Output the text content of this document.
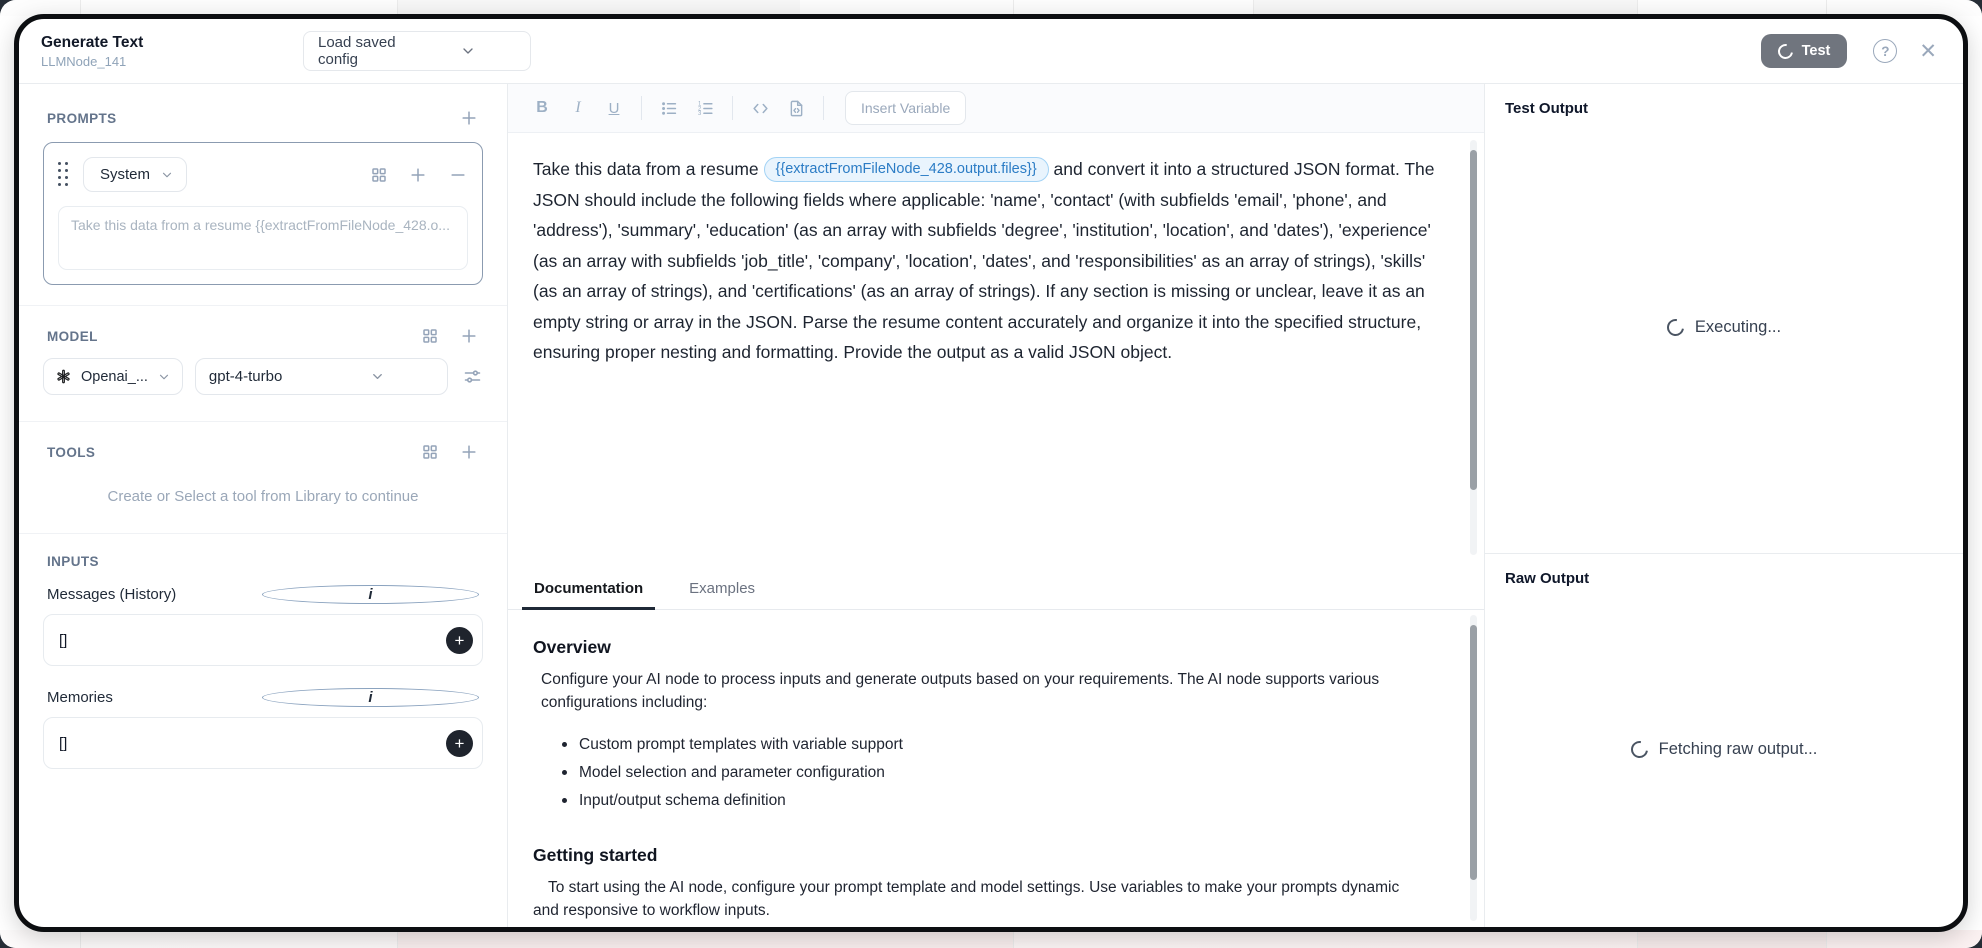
Generate Text
LLMNode_141
Load saved config	Test	?	✕
PROMPTS
System
Take this data from a resume {{extractFromFileNode_428.o...
MODEL
Openai_...	gpt-4-turbo
TOOLS
Create or Select a tool from Library to continue
INPUTS
Messages (History)	i
[]	+
Memories	i
[]	+
B	I	U	1
2
3	Insert Variable
Take this data from a resume {{extractFromFileNode_428.output.files}} and convert it into a structured JSON format. The JSON should include the following fields where applicable: 'name', 'contact' (with subfields 'email', 'phone', and 'address'), 'summary', 'education' (as an array with subfields 'degree', 'institution', 'location', and 'dates'), 'experience' (as an array with subfields 'job_title', 'company', 'location', 'dates', and 'responsibilities' as an array of strings), 'skills' (as an array of strings), and 'certifications' (as an array of strings). If any section is missing or unclear, leave it as an empty string or array in the JSON. Parse the resume content accurately and organize it into the specified structure, ensuring proper nesting and formatting. Provide the output as a valid JSON object.
Documentation	Examples
Overview

Configure your AI node to process inputs and generate outputs based on your requirements. The AI node supports various configurations including:

Custom prompt templates with variable support
Model selection and parameter configuration
Input/output schema definition
Getting started

To start using the AI node, configure your prompt template and model settings. Use variables to make your prompts dynamic and responsive to workflow inputs.

Test Output
Executing...
Raw Output
Fetching raw output...
